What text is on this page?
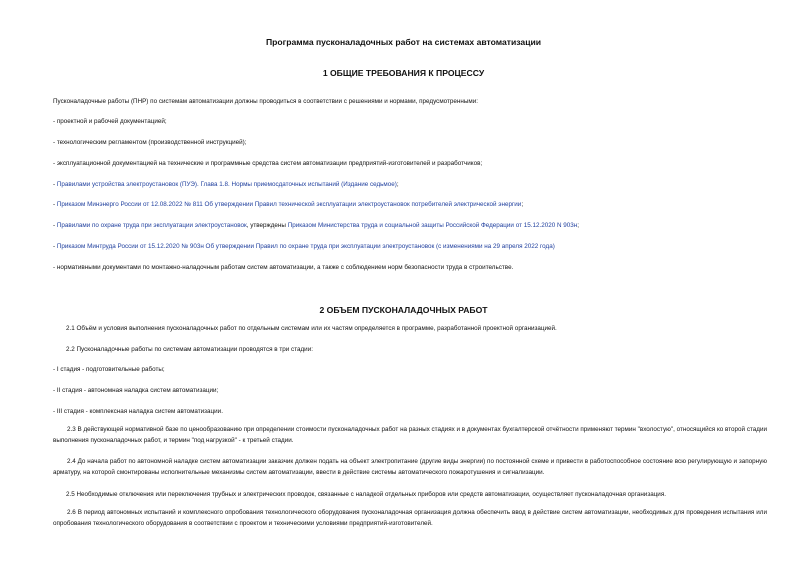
Программа пусконаладочных работ на системах автоматизации
1 ОБЩИЕ ТРЕБОВАНИЯ К ПРОЦЕССУ
Пусконаладочные работы (ПНР) по системам автоматизации должны проводиться в соответствии с решениями и нормами, предусмотренными:
- проектной и рабочей документацией;
- технологическим регламентом (производственной инструкцией);
- эксплуатационной документацией на технические и программные средства систем автоматизации предприятий-изготовителей и разработчиков;
- Правилами устройства электроустановок (ПУЭ). Глава 1.8. Нормы приемосдаточных испытаний (Издание седьмое);
- Приказом Минэнерго России от 12.08.2022 № 811 Об утверждении Правил технической эксплуатации электроустановок потребителей электрической энергии;
- Правилами по охране труда при эксплуатации электроустановок, утверждены Приказом Министерства труда и социальной защиты Российской Федерации от 15.12.2020 N 903н;
- Приказом Минтруда России от 15.12.2020 № 903н Об утверждении Правил по охране труда при эксплуатации электроустановок (с изменениями на 29 апреля 2022 года)
- нормативными документами по монтажно-наладочным работам систем автоматизации, а также с соблюдением норм безопасности труда в строительстве.
2 ОБЪЕМ ПУСКОНАЛАДОЧНЫХ РАБОТ
2.1 Объём и условия выполнения пусконаладочных работ по отдельным системам или их частям определяется в программе, разработанной проектной организацией.
2.2 Пусконаладочные работы по системам автоматизации проводятся в три стадии:
- I стадия - подготовительные работы;
- II стадия - автономная наладка систем автоматизации;
- III стадия - комплексная наладка систем автоматизации.
2.3 В действующей нормативной базе по ценообразованию при определении стоимости пусконаладочных работ на разных стадиях и в документах бухгалтерской отчётности применяют термин "вхолостую", относящийся ко второй стадии выполнения пусконаладочных работ, и термин "под нагрузкой" - к третьей стадии.
2.4 До начала работ по автономной наладке систем автоматизации заказчик должен подать на объект электропитание (другие виды энергии) по постоянной схеме и привести в работоспособное состояние всю регулирующую и запорную арматуру, на которой смонтированы исполнительные механизмы систем автоматизации, ввести в действие системы автоматического пожаротушения и сигнализации.
2.5 Необходимые отключения или переключения трубных и электрических проводок, связанные с наладкой отдельных приборов или средств автоматизации, осуществляет пусконаладочная организация.
2.6 В период автономных испытаний и комплексного опробования технологического оборудования пусконаладочная организация должна обеспечить ввод в действие систем автоматизации, необходимых для проведения испытания или опробования технологического оборудования в соответствии с проектом и техническими условиями предприятий-изготовителей.
